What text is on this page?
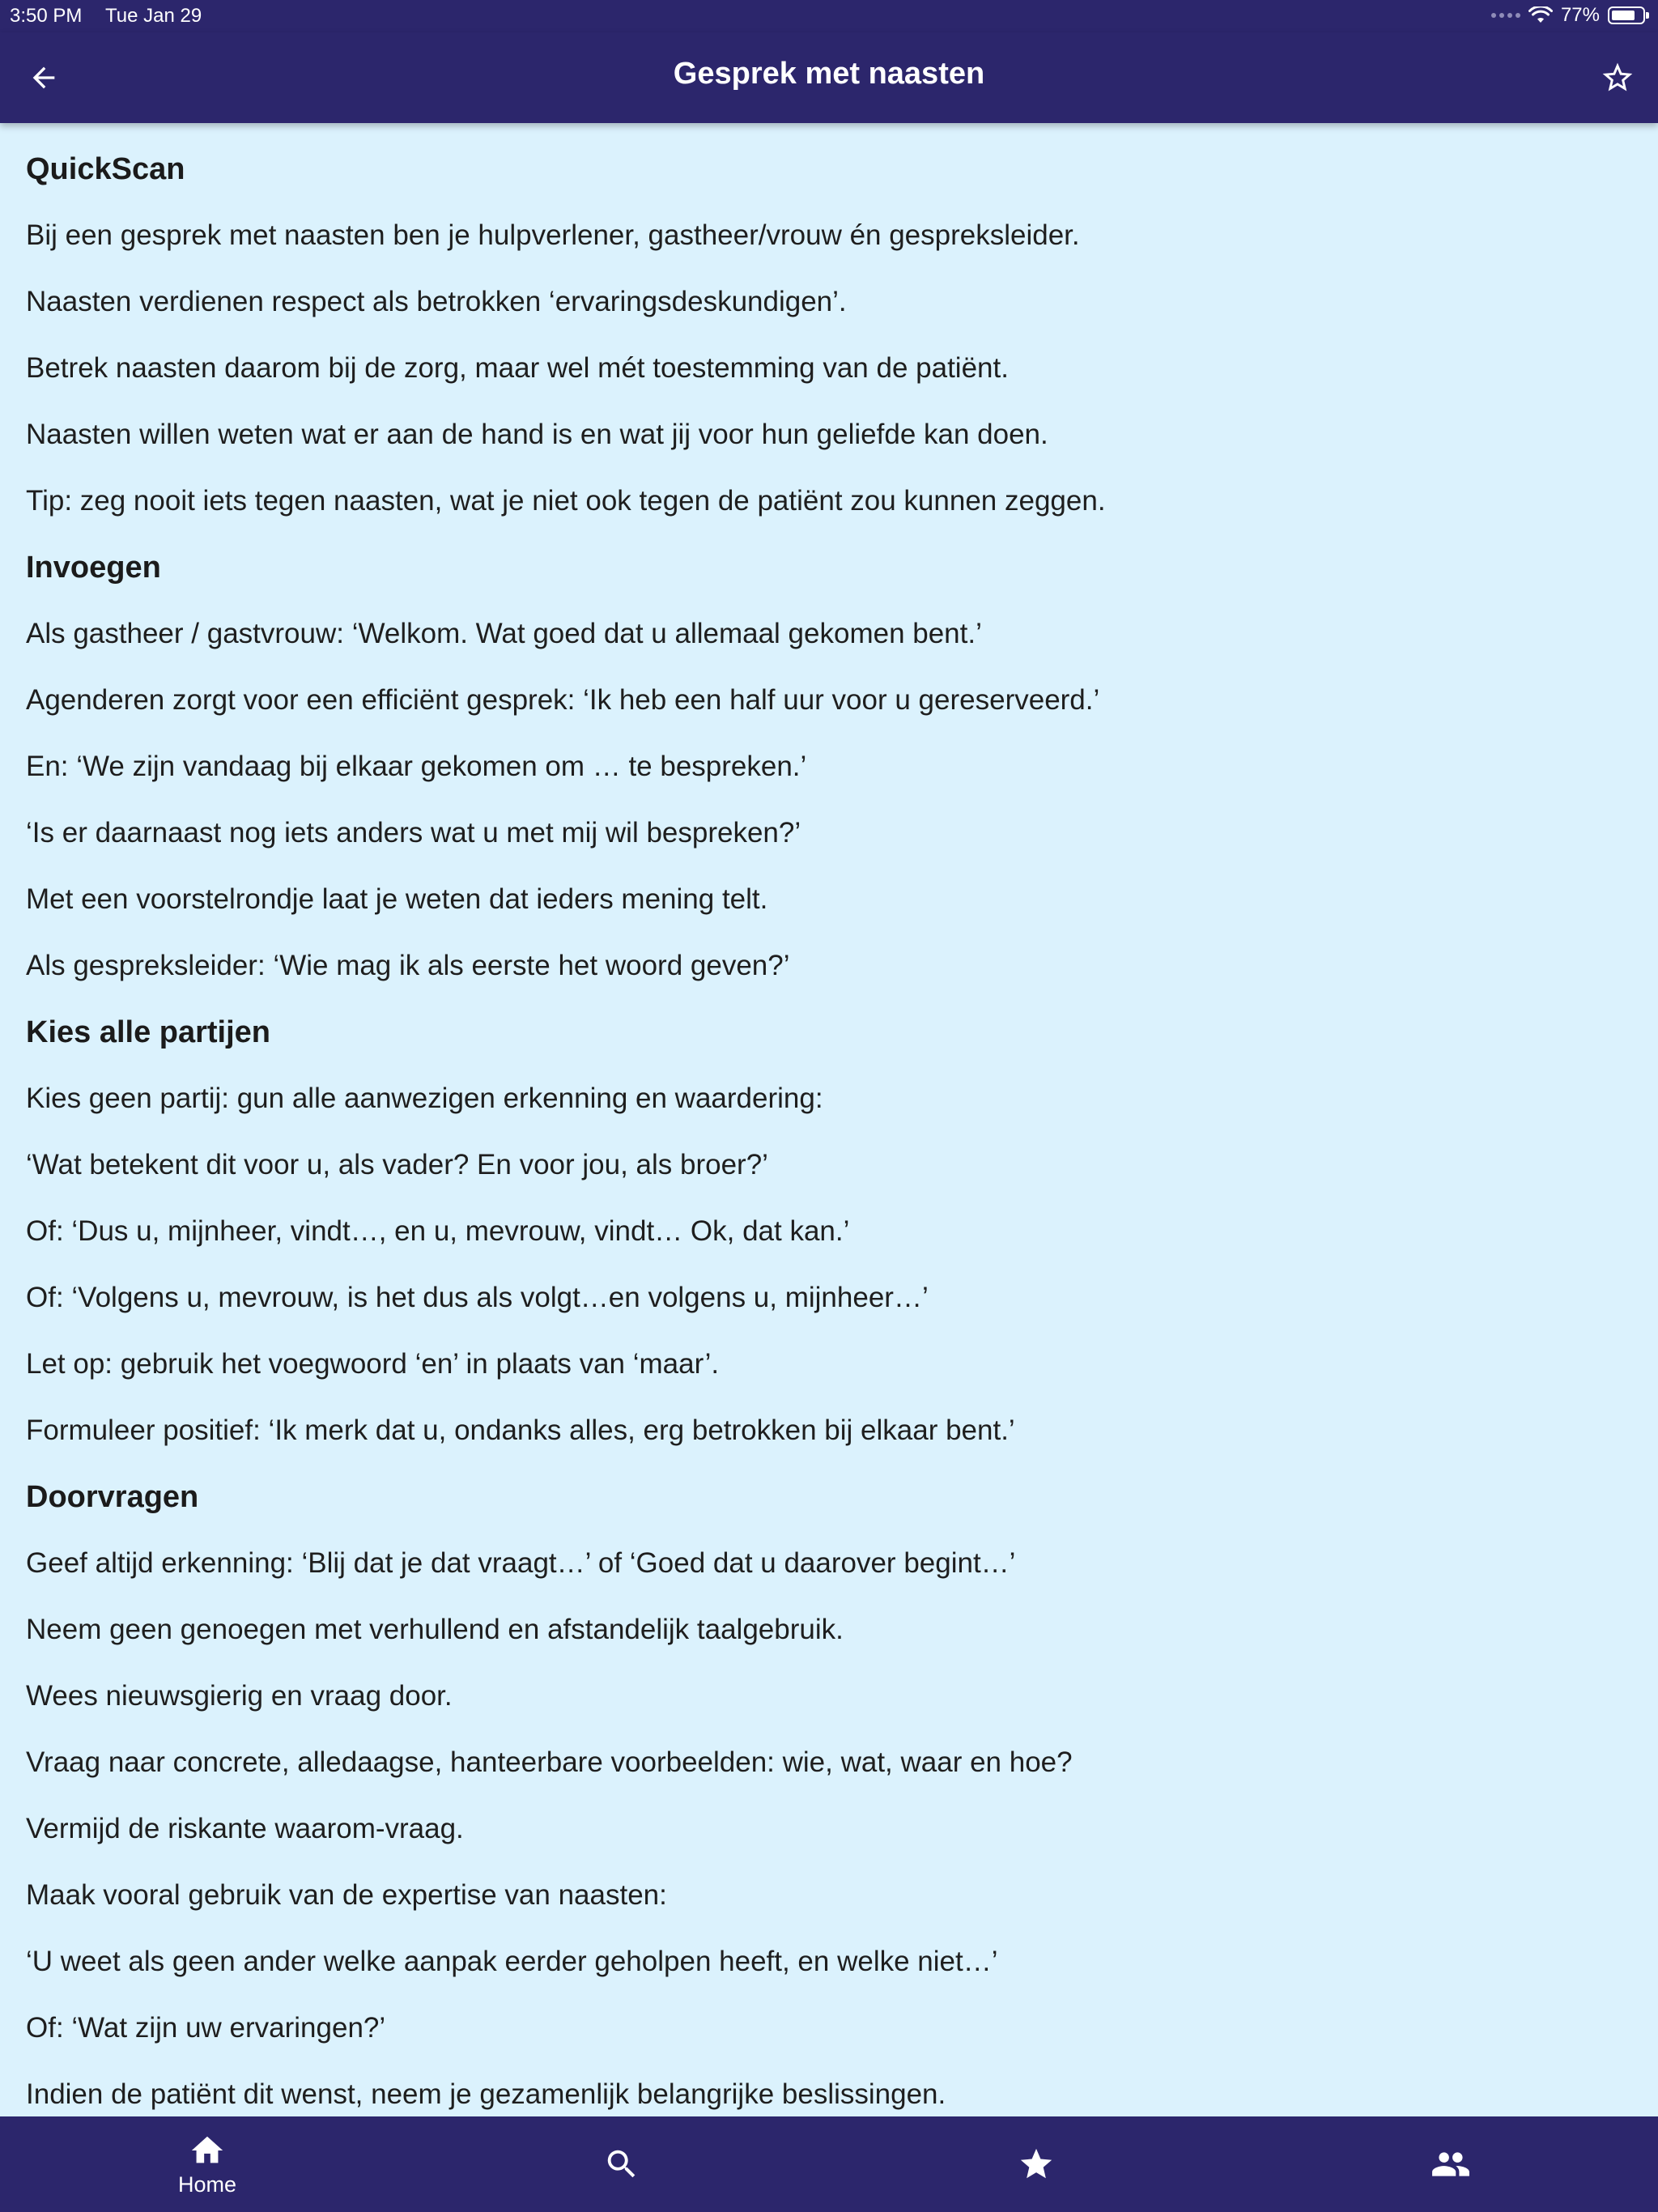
3:50 PM Tue Jan 29	77%
Gesprek met naasten
QuickScan

Bij een gesprek met naasten ben je hulpverlener, gastheer/vrouw én gespreksleider.

Naasten verdienen respect als betrokken ‘ervaringsdeskundigen’.

Betrek naasten daarom bij de zorg, maar wel mét toestemming van de patiënt.

Naasten willen weten wat er aan de hand is en wat jij voor hun geliefde kan doen.

Tip: zeg nooit iets tegen naasten, wat je niet ook tegen de patiënt zou kunnen zeggen.

Invoegen

Als gastheer / gastvrouw: ‘Welkom. Wat goed dat u allemaal gekomen bent.’

Agenderen zorgt voor een efficiënt gesprek: ‘Ik heb een half uur voor u gereserveerd.’

En: ‘We zijn vandaag bij elkaar gekomen om … te bespreken.’

‘Is er daarnaast nog iets anders wat u met mij wil bespreken?’

Met een voorstelrondje laat je weten dat ieders mening telt.

Als gespreksleider: ‘Wie mag ik als eerste het woord geven?’

Kies alle partijen

Kies geen partij: gun alle aanwezigen erkenning en waardering:

‘Wat betekent dit voor u, als vader? En voor jou, als broer?’

Of: ‘Dus u, mijnheer, vindt…, en u, mevrouw, vindt… Ok, dat kan.’

Of: ‘Volgens u, mevrouw, is het dus als volgt…en volgens u, mijnheer…’

Let op: gebruik het voegwoord ‘en’ in plaats van ‘maar’.

Formuleer positief: ‘Ik merk dat u, ondanks alles, erg betrokken bij elkaar bent.’

Doorvragen

Geef altijd erkenning: ‘Blij dat je dat vraagt…’ of ‘Goed dat u daarover begint…’

Neem geen genoegen met verhullend en afstandelijk taalgebruik.

Wees nieuwsgierig en vraag door.

Vraag naar concrete, alledaagse, hanteerbare voorbeelden: wie, wat, waar en hoe?

Vermijd de riskante waarom-vraag.

Maak vooral gebruik van de expertise van naasten:

‘U weet als geen ander welke aanpak eerder geholpen heeft, en welke niet…’

Of: ‘Wat zijn uw ervaringen?’

Indien de patiënt dit wenst, neem je gezamenlijk belangrijke beslissingen.

Home
